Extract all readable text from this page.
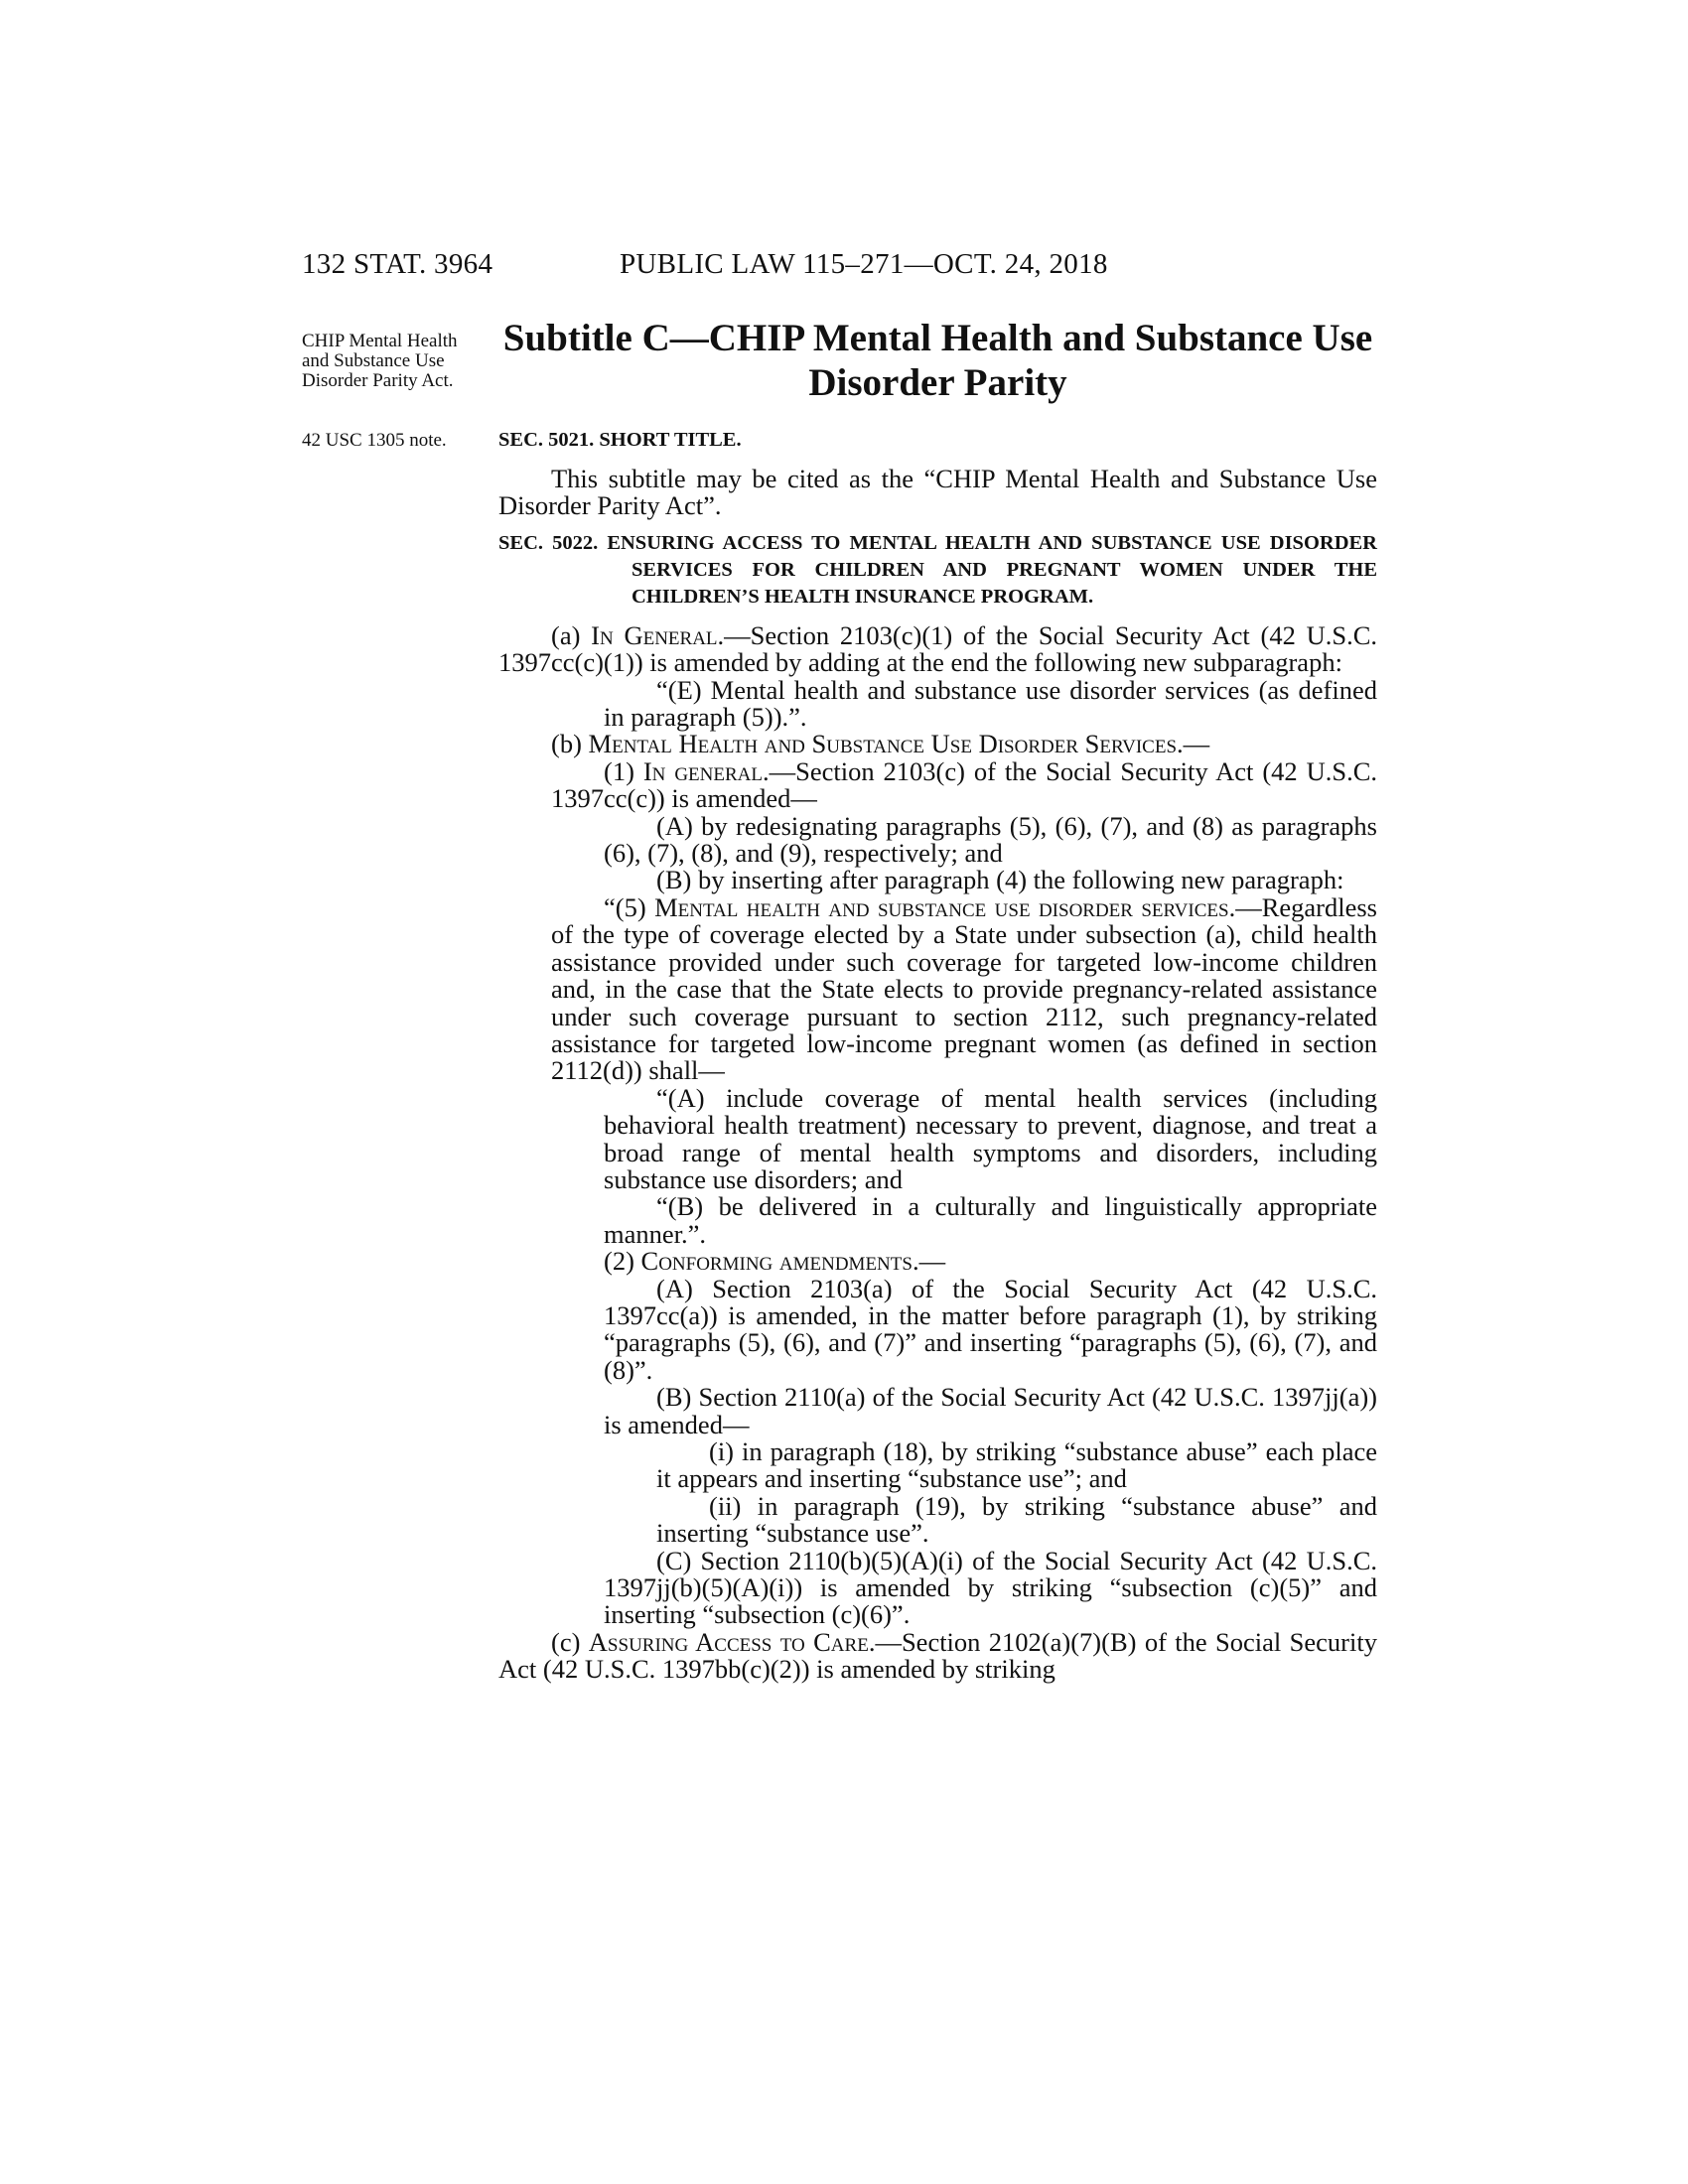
132 STAT. 3964	PUBLIC LAW 115–271—OCT. 24, 2018
CHIP Mental Health and Substance Use Disorder Parity Act.
42 USC 1305 note.
Subtitle C—CHIP Mental Health and Substance Use Disorder Parity
SEC. 5021. SHORT TITLE.

This subtitle may be cited as the “CHIP Mental Health and Substance Use Disorder Parity Act”.

SEC. 5022. ENSURING ACCESS TO MENTAL HEALTH AND SUBSTANCE USE DISORDER SERVICES FOR CHILDREN AND PREGNANT WOMEN UNDER THE CHILDREN’S HEALTH INSURANCE PROGRAM.

(a) In General.—Section 2103(c)(1) of the Social Security Act (42 U.S.C. 1397cc(c)(1)) is amended by adding at the end the following new subparagraph:

“(E) Mental health and substance use disorder services (as defined in paragraph (5)).”.

(b) Mental Health and Substance Use Disorder Services.—

(1) In general.—Section 2103(c) of the Social Security Act (42 U.S.C. 1397cc(c)) is amended—

(A) by redesignating paragraphs (5), (6), (7), and (8) as paragraphs (6), (7), (8), and (9), respectively; and

(B) by inserting after paragraph (4) the following new paragraph:

“(5) Mental health and substance use disorder services.—Regardless of the type of coverage elected by a State under subsection (a), child health assistance provided under such coverage for targeted low-income children and, in the case that the State elects to provide pregnancy-related assistance under such coverage pursuant to section 2112, such pregnancy-related assistance for targeted low-income pregnant women (as defined in section 2112(d)) shall—

“(A) include coverage of mental health services (including behavioral health treatment) necessary to prevent, diagnose, and treat a broad range of mental health symptoms and disorders, including substance use disorders; and

“(B) be delivered in a culturally and linguistically appropriate manner.”.

(2) Conforming amendments.—

(A) Section 2103(a) of the Social Security Act (42 U.S.C. 1397cc(a)) is amended, in the matter before paragraph (1), by striking “paragraphs (5), (6), and (7)” and inserting “paragraphs (5), (6), (7), and (8)”.

(B) Section 2110(a) of the Social Security Act (42 U.S.C. 1397jj(a)) is amended—

(i) in paragraph (18), by striking “substance abuse” each place it appears and inserting “substance use”; and

(ii) in paragraph (19), by striking “substance abuse” and inserting “substance use”.

(C) Section 2110(b)(5)(A)(i) of the Social Security Act (42 U.S.C. 1397jj(b)(5)(A)(i)) is amended by striking “subsection (c)(5)” and inserting “subsection (c)(6)”.

(c) Assuring Access to Care.—Section 2102(a)(7)(B) of the Social Security Act (42 U.S.C. 1397bb(c)(2)) is amended by striking
